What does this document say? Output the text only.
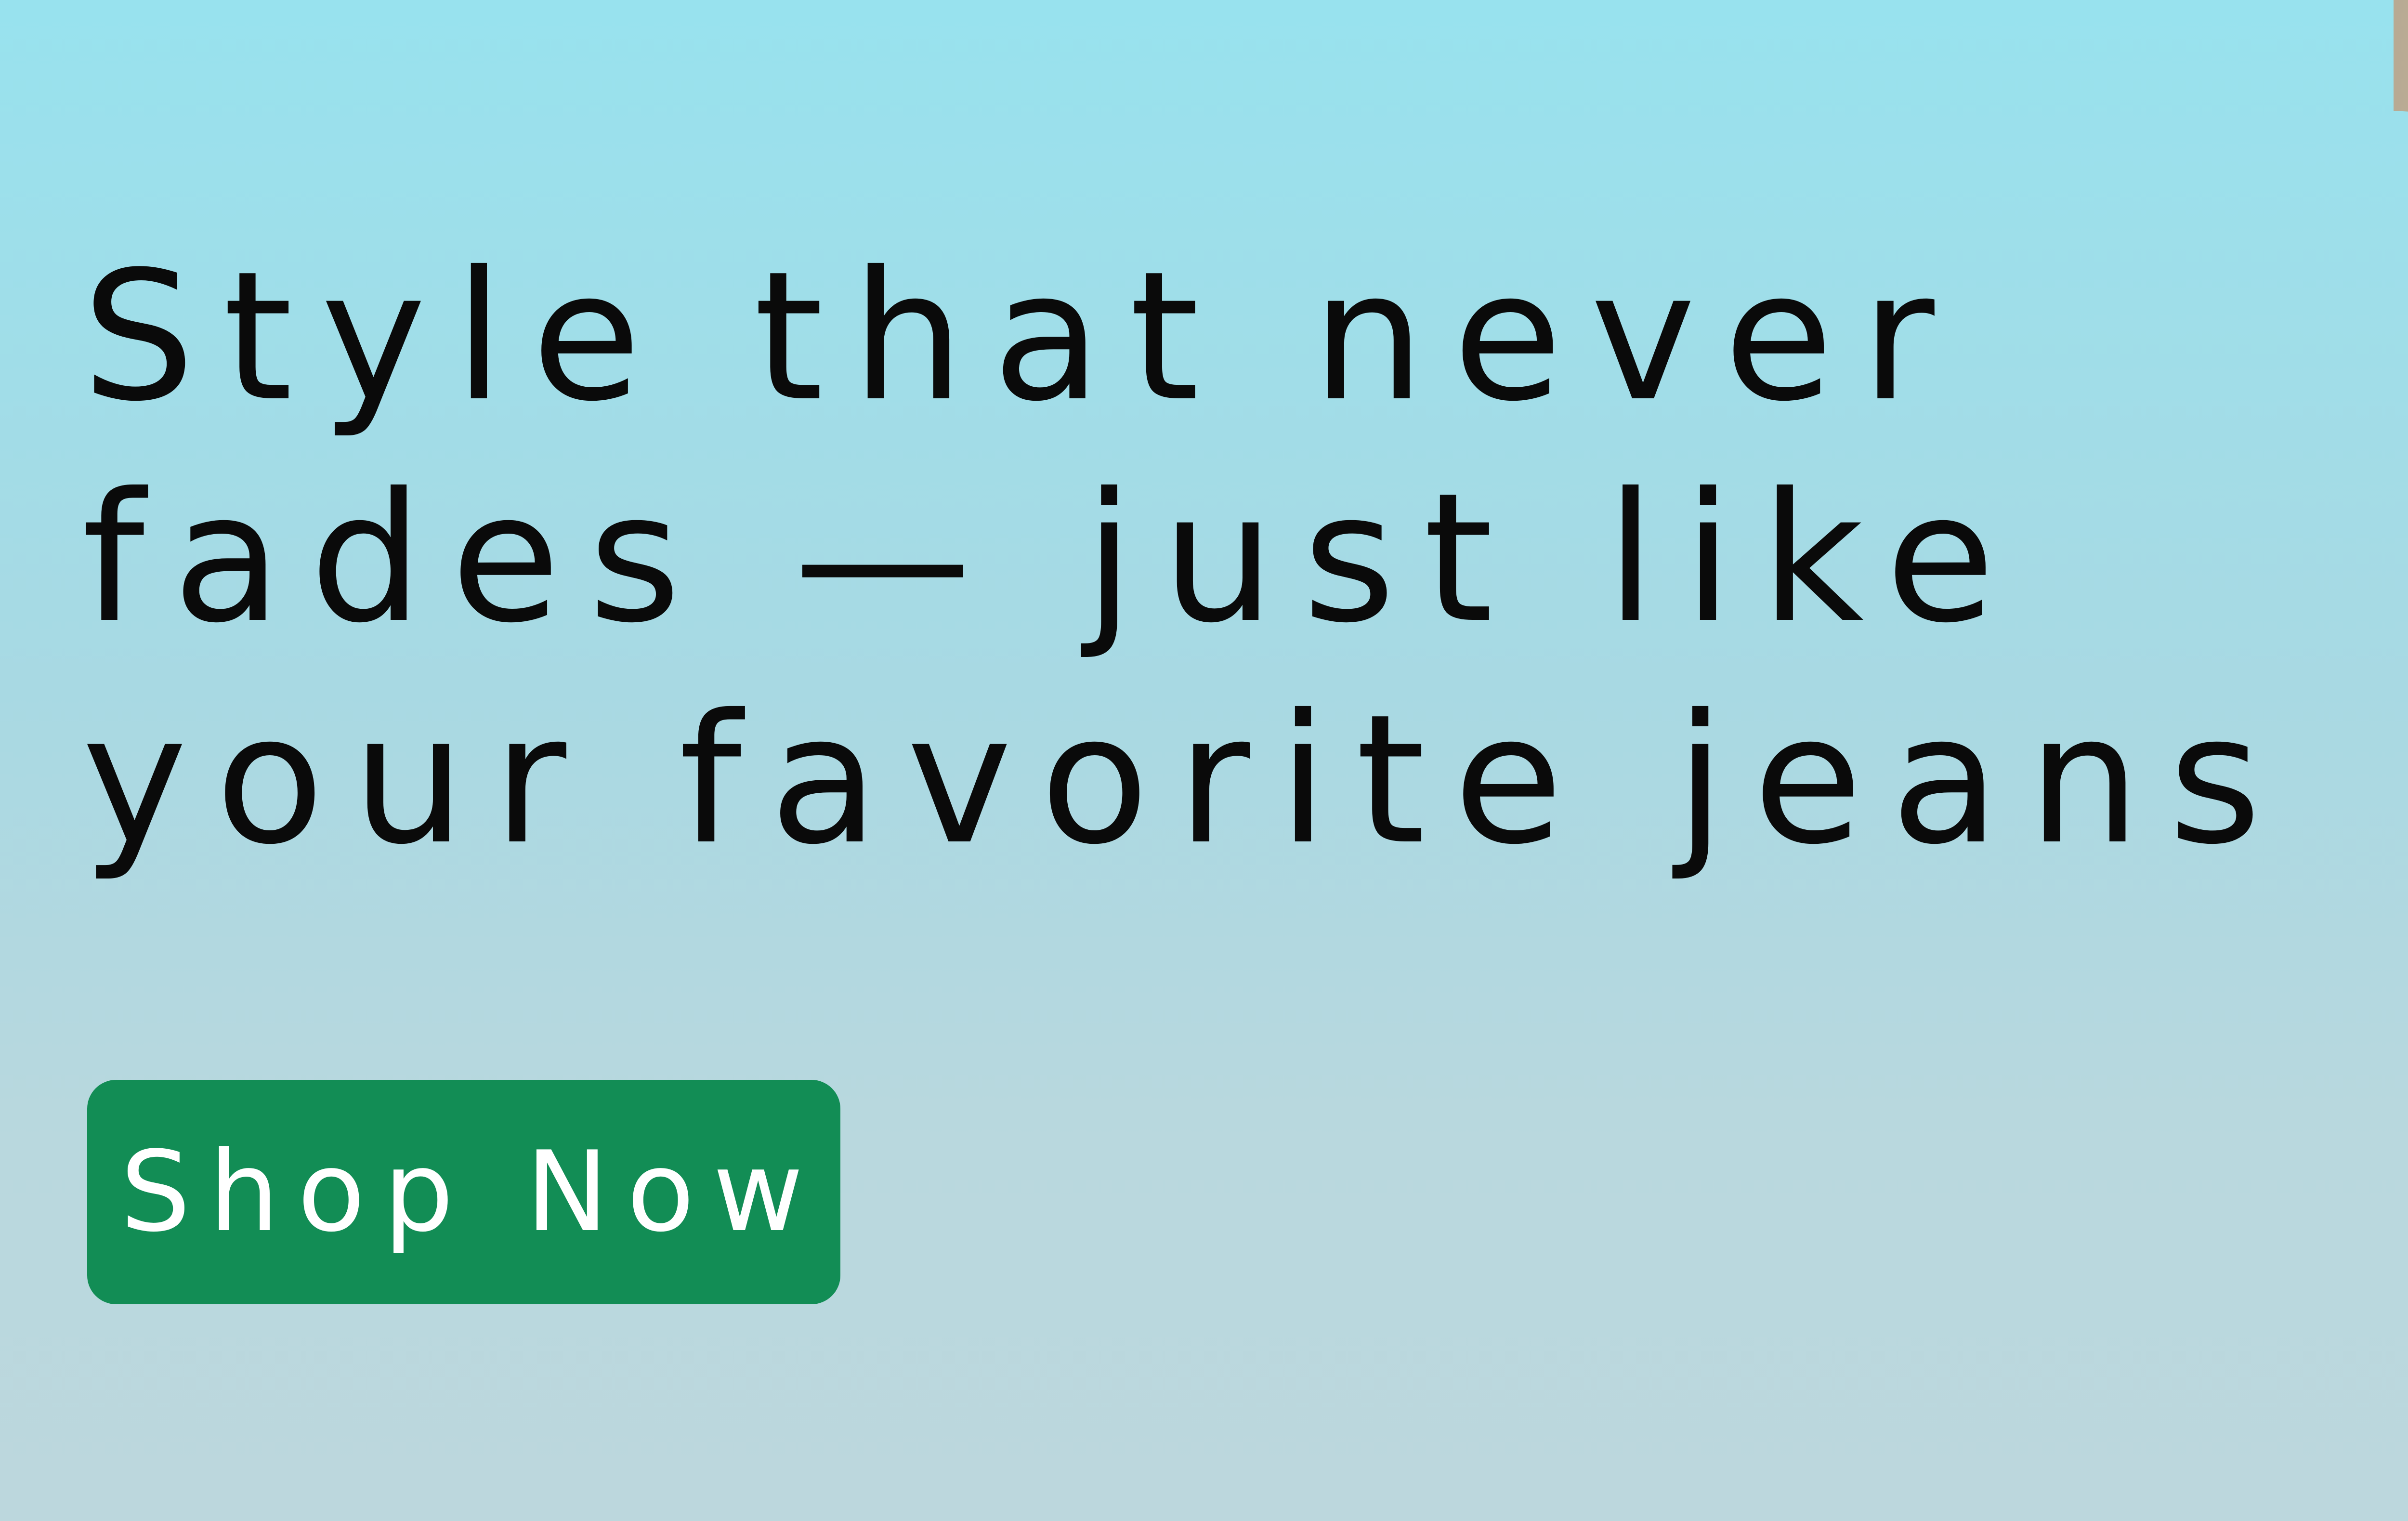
Style that never
fades — just like
your favorite jeans
Shop Now
